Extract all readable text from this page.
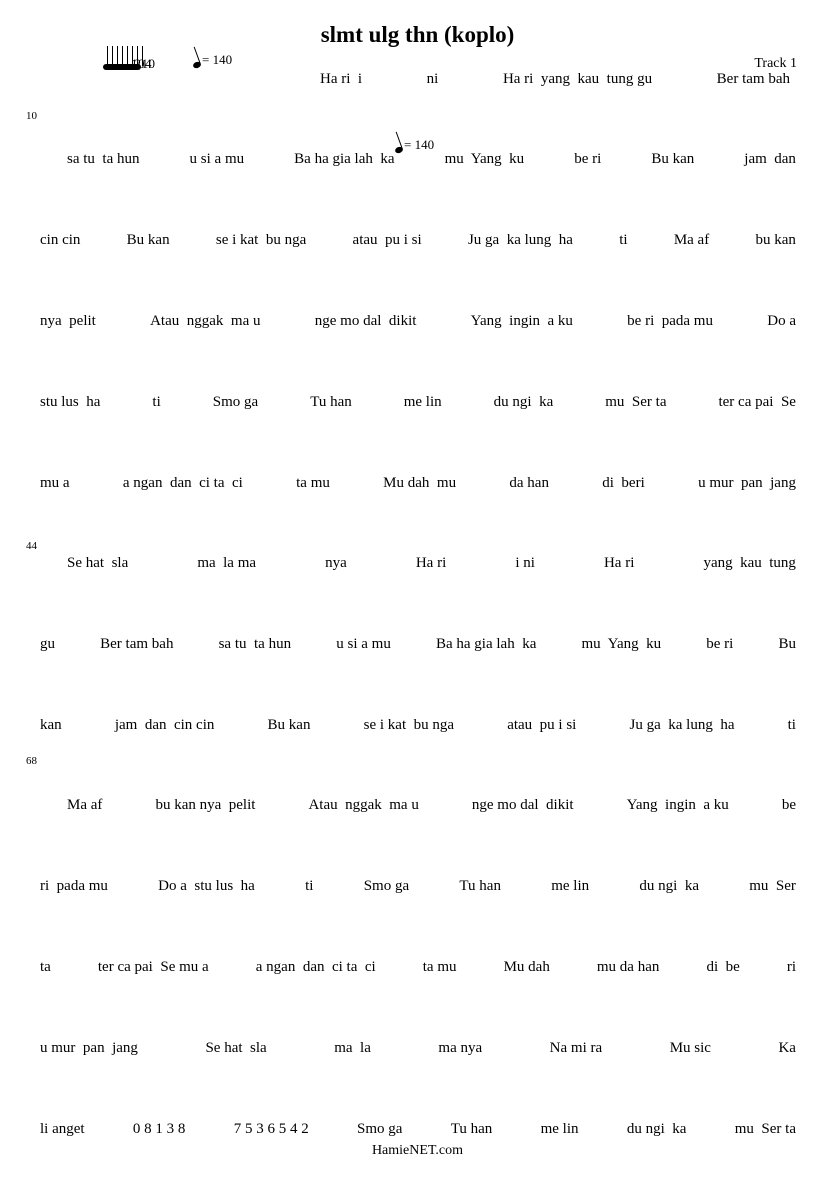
slmt ulg thn (koplo)
Track 1
120140	= 140
= 140
10
44
68
Ha ri  i	ni	Ha ri  yang  kau  tung gu	Ber tam bah
sa tu  ta hun	u si a mu	Ba ha gia lah  ka	mu  Yang  ku	be ri	Bu kan	jam  dan
cin cin	Bu kan	se i kat  bu nga	atau  pu i si	Ju ga  ka lung  ha	ti	Ma af	bu kan
nya  pelit	Atau  nggak  ma u	nge mo dal  dikit	Yang  ingin  a ku	be ri  pada mu	Do a
stu lus  ha	ti	Smo ga	Tu han	me lin	du ngi  ka	mu  Ser ta	ter ca pai  Se
mu a	a ngan  dan  ci ta  ci	ta mu	Mu dah  mu	da han	di  beri	u mur  pan  jang
Se hat  sla	ma  la ma	nya	Ha ri	i ni	Ha ri	yang  kau  tung
gu	Ber tam bah	sa tu  ta hun	u si a mu	Ba ha gia lah  ka	mu  Yang  ku	be ri	Bu
kan	jam  dan  cin cin	Bu kan	se i kat  bu nga	atau  pu i si	Ju ga  ka lung  ha	ti
Ma af	bu kan nya  pelit	Atau  nggak  ma u	nge mo dal  dikit	Yang  ingin  a ku	be
ri  pada mu	Do a  stu lus  ha	ti	Smo ga	Tu han	me lin	du ngi  ka	mu  Ser
ta	ter ca pai  Se mu a	a ngan  dan  ci ta  ci	ta mu	Mu dah	mu da han	di  be	ri
u mur  pan  jang	Se hat  sla	ma  la	ma nya	Na mi ra	Mu sic	Ka
li anget	0 8 1 3 8	7 5 3 6 5 4 2	Smo ga	Tu han	me lin	du ngi  ka	mu  Ser ta
HamieNET.com
